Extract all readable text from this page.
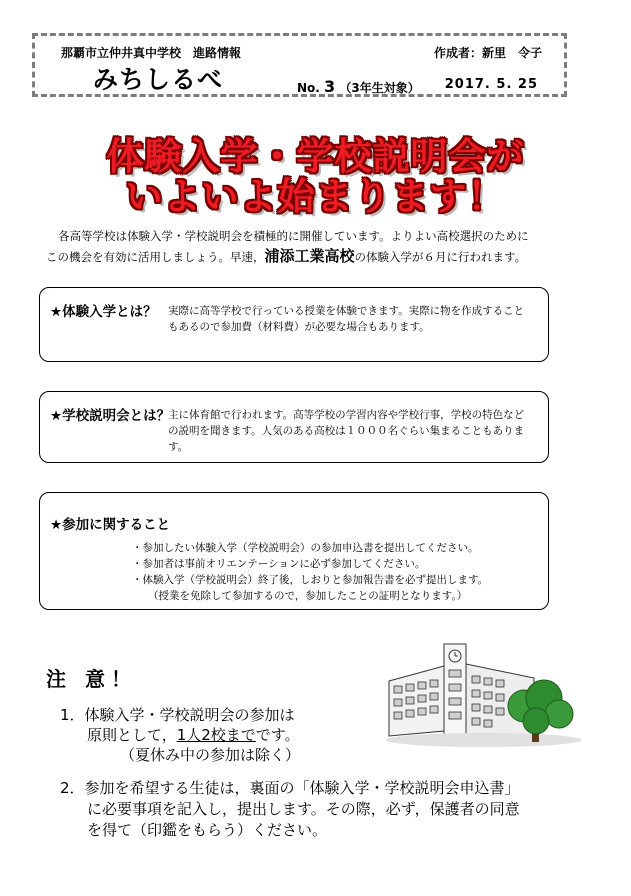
那覇市立仲井真中学校　進路情報	作成者：新里　令子
みちしるべ	No. 3 （3年生対象） 2017. 5. 25
体験入学・学校説明会が
いよいよ始まります！
各高等学校は体験入学・学校説明会を積極的に開催しています。よりよい高校選択のために
この機会を有効に活用しましょう。早速，浦添工業高校の体験入学が６月に行われます。
★体験入学とは？ 実際に高等学校で行っている授業を体験できます。実際に物を作成することもあるので参加費（材料費）が必要な場合もあります。
★学校説明会とは？
主に体育館で行われます。高等学校の学習内容や学校行事，学校の特色などの説明を聞きます。人気のある高校は１０００名ぐらい集まることもあります。
★参加に関すること
・参加したい体験入学（学校説明会）の参加申込書を提出してください。
・参加者は事前オリエンテーションに必ず参加してください。
・体験入学（学校説明会）終了後，しおりと参加報告書を必ず提出します。
（授業を免除して参加するので，参加したことの証明となります。）
注 意！
1．体験入学・学校説明会の参加は
原則として，1人2校までです。
（夏休み中の参加は除く）
2．参加を希望する生徒は，裏面の「体験入学・学校説明会申込書」
に必要事項を記入し，提出します。その際，必ず，保護者の同意
を得て（印鑑をもらう）ください。
